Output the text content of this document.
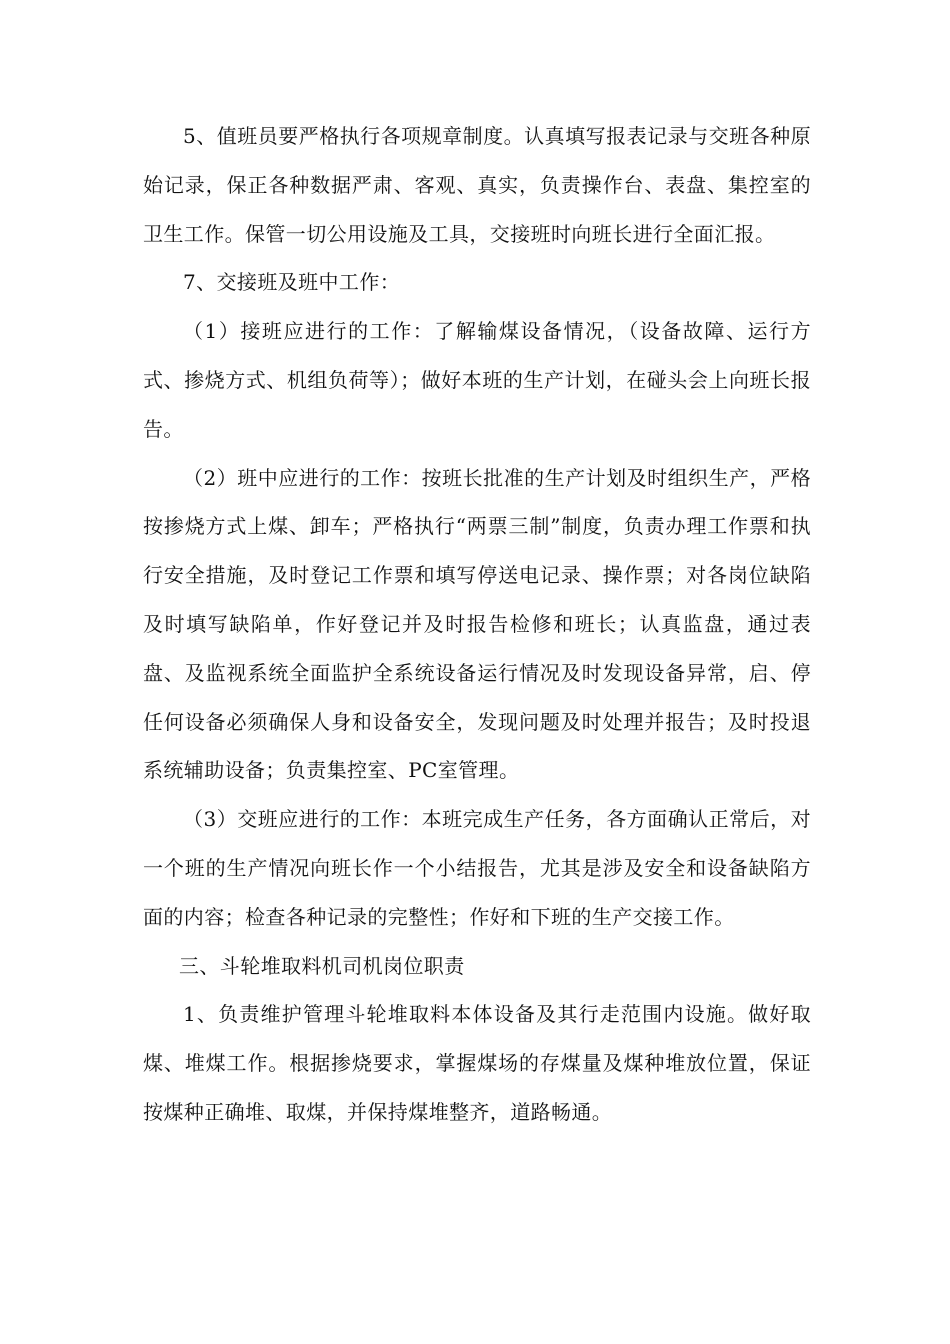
5、值班员要严格执行各项规章制度。认真填写报表记录与交班各种原始记录，保正各种数据严肃、客观、真实，负责操作台、表盘、集控室的卫生工作。保管一切公用设施及工具，交接班时向班长进行全面汇报。

7、交接班及班中工作：

（1）接班应进行的工作：了解输煤设备情况，（设备故障、运行方式、掺烧方式、机组负荷等）；做好本班的生产计划，在碰头会上向班长报告。

（2）班中应进行的工作：按班长批准的生产计划及时组织生产，严格按掺烧方式上煤、卸车；严格执行“两票三制”制度，负责办理工作票和执行安全措施，及时登记工作票和填写停送电记录、操作票；对各岗位缺陷及时填写缺陷单，作好登记并及时报告检修和班长；认真监盘，通过表盘、及监视系统全面监护全系统设备运行情况及时发现设备异常，启、停任何设备必须确保人身和设备安全，发现问题及时处理并报告；及时投退系统辅助设备；负责集控室、PC室管理。

（3）交班应进行的工作：本班完成生产任务，各方面确认正常后，对一个班的生产情况向班长作一个小结报告，尤其是涉及安全和设备缺陷方面的内容；检查各种记录的完整性；作好和下班的生产交接工作。

三、斗轮堆取料机司机岗位职责

1、负责维护管理斗轮堆取料本体设备及其行走范围内设施。做好取煤、堆煤工作。根据掺烧要求，掌握煤场的存煤量及煤种堆放位置，保证按煤种正确堆、取煤，并保持煤堆整齐，道路畅通。
